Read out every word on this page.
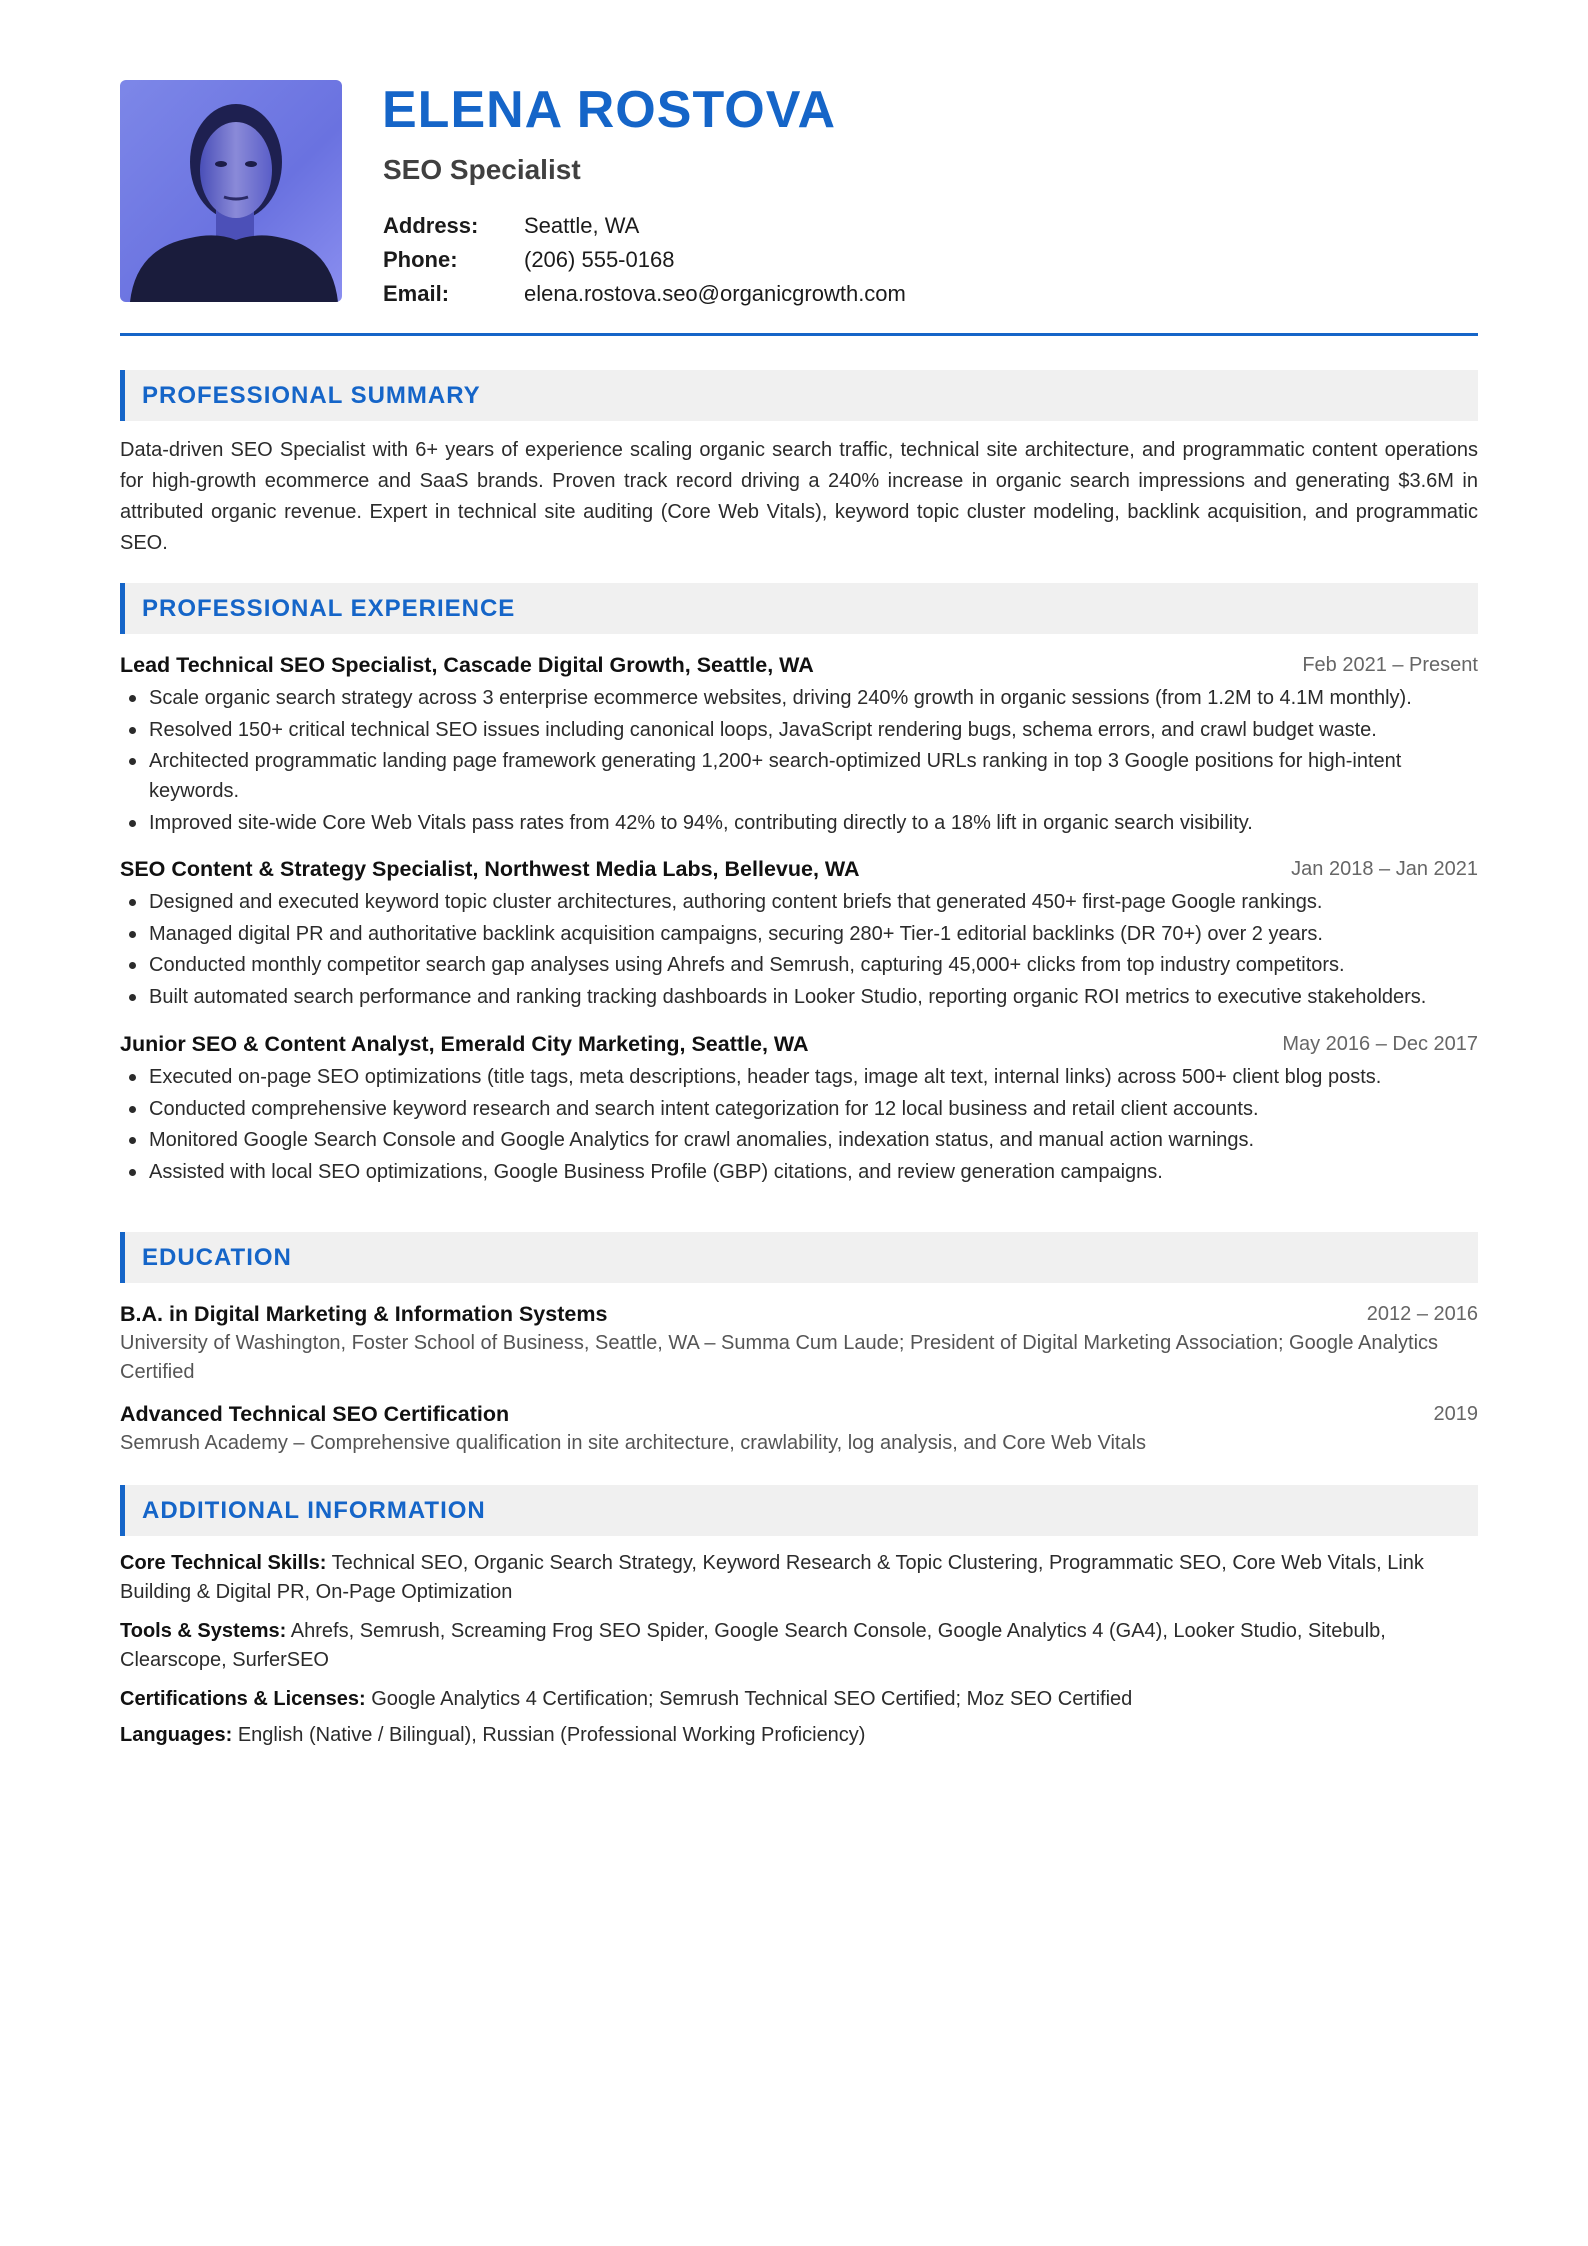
ELENA ROSTOVA
SEO Specialist
Address:	Seattle, WA
Phone:	(206) 555-0168
Email:	elena.rostova.seo@organicgrowth.com
PROFESSIONAL SUMMARY

Data-driven SEO Specialist with 6+ years of experience scaling organic search traffic, technical site architecture, and programmatic content operations for high-growth ecommerce and SaaS brands. Proven track record driving a 240% increase in organic search impressions and generating $3.6M in attributed organic revenue. Expert in technical site auditing (Core Web Vitals), keyword topic cluster modeling, backlink acquisition, and programmatic SEO.

PROFESSIONAL EXPERIENCE
Lead Technical SEO Specialist, Cascade Digital Growth, Seattle, WA	Feb 2021 – Present
Scale organic search strategy across 3 enterprise ecommerce websites, driving 240% growth in organic sessions (from 1.2M to 4.1M monthly).
Resolved 150+ critical technical SEO issues including canonical loops, JavaScript rendering bugs, schema errors, and crawl budget waste.
Architected programmatic landing page framework generating 1,200+ search-optimized URLs ranking in top 3 Google positions for high-intent keywords.
Improved site-wide Core Web Vitals pass rates from 42% to 94%, contributing directly to a 18% lift in organic search visibility.
SEO Content & Strategy Specialist, Northwest Media Labs, Bellevue, WA	Jan 2018 – Jan 2021
Designed and executed keyword topic cluster architectures, authoring content briefs that generated 450+ first-page Google rankings.
Managed digital PR and authoritative backlink acquisition campaigns, securing 280+ Tier-1 editorial backlinks (DR 70+) over 2 years.
Conducted monthly competitor search gap analyses using Ahrefs and Semrush, capturing 45,000+ clicks from top industry competitors.
Built automated search performance and ranking tracking dashboards in Looker Studio, reporting organic ROI metrics to executive stakeholders.
Junior SEO & Content Analyst, Emerald City Marketing, Seattle, WA	May 2016 – Dec 2017
Executed on-page SEO optimizations (title tags, meta descriptions, header tags, image alt text, internal links) across 500+ client blog posts.
Conducted comprehensive keyword research and search intent categorization for 12 local business and retail client accounts.
Monitored Google Search Console and Google Analytics for crawl anomalies, indexation status, and manual action warnings.
Assisted with local SEO optimizations, Google Business Profile (GBP) citations, and review generation campaigns.
EDUCATION
B.A. in Digital Marketing & Information Systems	2012 – 2016

University of Washington, Foster School of Business, Seattle, WA – Summa Cum Laude; President of Digital Marketing Association; Google Analytics Certified

Advanced Technical SEO Certification	2019

Semrush Academy – Comprehensive qualification in site architecture, crawlability, log analysis, and Core Web Vitals

ADDITIONAL INFORMATION

Core Technical Skills: Technical SEO, Organic Search Strategy, Keyword Research & Topic Clustering, Programmatic SEO, Core Web Vitals, Link Building & Digital PR, On-Page Optimization

Tools & Systems: Ahrefs, Semrush, Screaming Frog SEO Spider, Google Search Console, Google Analytics 4 (GA4), Looker Studio, Sitebulb, Clearscope, SurferSEO

Certifications & Licenses: Google Analytics 4 Certification; Semrush Technical SEO Certified; Moz SEO Certified

Languages: English (Native / Bilingual), Russian (Professional Working Proficiency)
